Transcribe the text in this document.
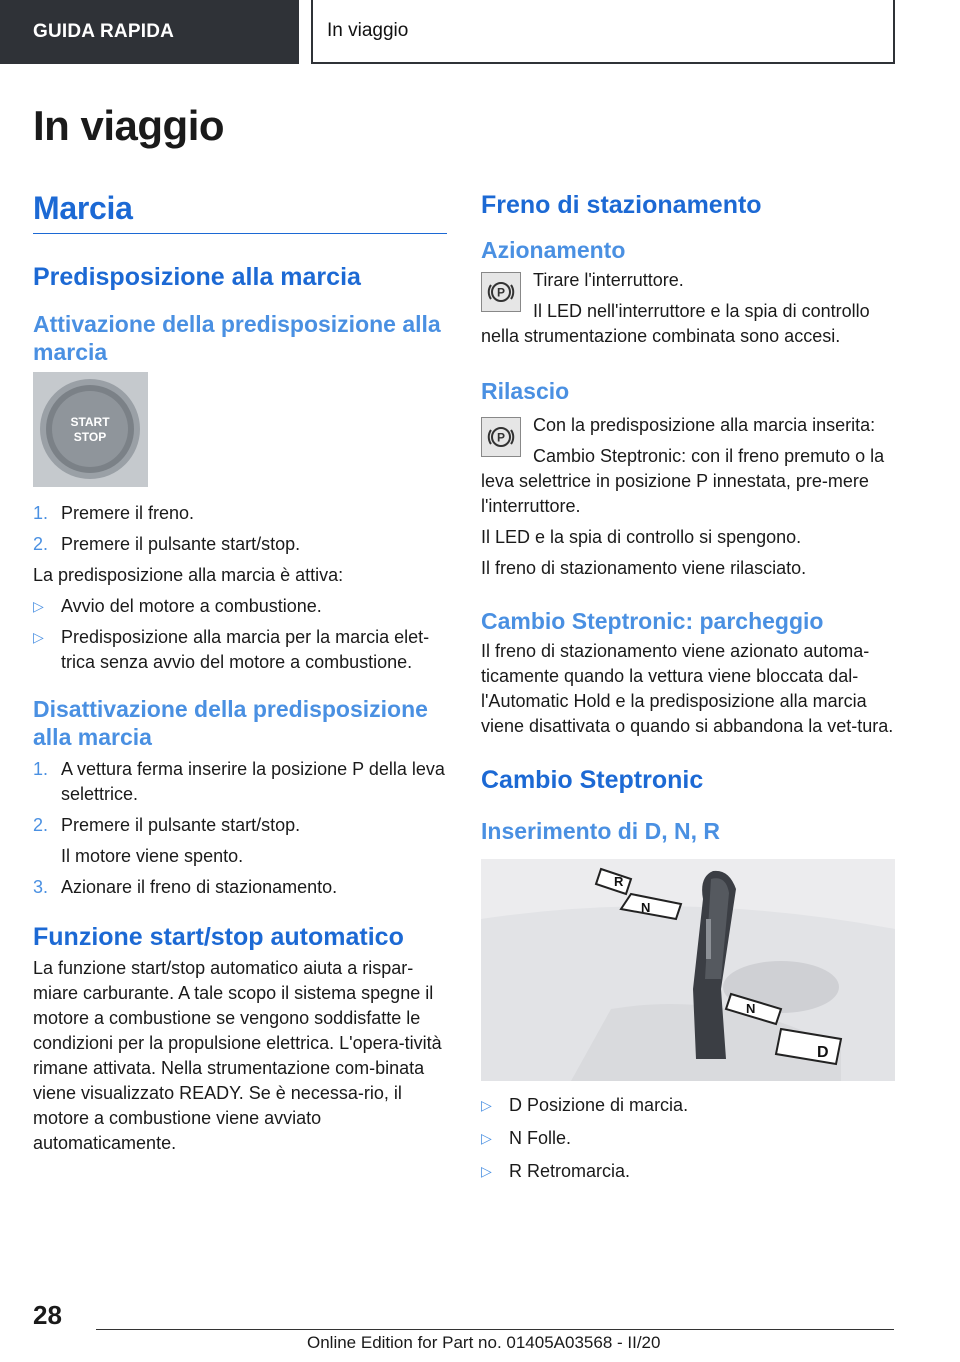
GUIDA RAPIDA	In viaggio
In viaggio
Marcia
Predisposizione alla marcia
Attivazione della predisposizione alla marcia
START
STOP
1. Premere il freno.
2. Premere il pulsante start/stop.

La predisposizione alla marcia è attiva:

▷ Avvio del motore a combustione.
▷ Predisposizione alla marcia per la marcia elet-trica senza avvio del motore a combustione.
Disattivazione della predisposizione alla marcia
1. A vettura ferma inserire la posizione P della leva selettrice.
2. Premere il pulsante start/stop.
Il motore viene spento.
3. Azionare il freno di stazionamento.
Funzione start/stop automatico

La funzione start/stop automatico aiuta a rispar-miare carburante. A tale scopo il sistema spegne il motore a combustione se vengono soddisfatte le condizioni per la propulsione elettrica. L'opera-tività rimane attivata. Nella strumentazione com-binata viene visualizzato READY. Se è necessa-rio, il motore a combustione viene avviato automaticamente.

Freno di stazionamento
Azionamento
P

Tirare l'interruttore.

Il LED nell'interruttore e la spia di controllo nella strumentazione combinata sono accesi.

Rilascio
P

Con la predisposizione alla marcia inserita:

Cambio Steptronic: con il freno premuto o la leva selettrice in posizione P innestata, pre-mere l'interruttore.

Il LED e la spia di controllo si spengono.

Il freno di stazionamento viene rilasciato.

Cambio Steptronic: parcheggio

Il freno di stazionamento viene azionato automa-ticamente quando la vettura viene bloccata dal-l'Automatic Hold e la predisposizione alla marcia viene disattivata o quando si abbandona la vet-tura.

Cambio Steptronic
Inserimento di D, N, R
R
N
N
D
▷ D Posizione di marcia.
▷ N Folle.
▷ R Retromarcia.
28
Online Edition for Part no. 01405A03568 - II/20
